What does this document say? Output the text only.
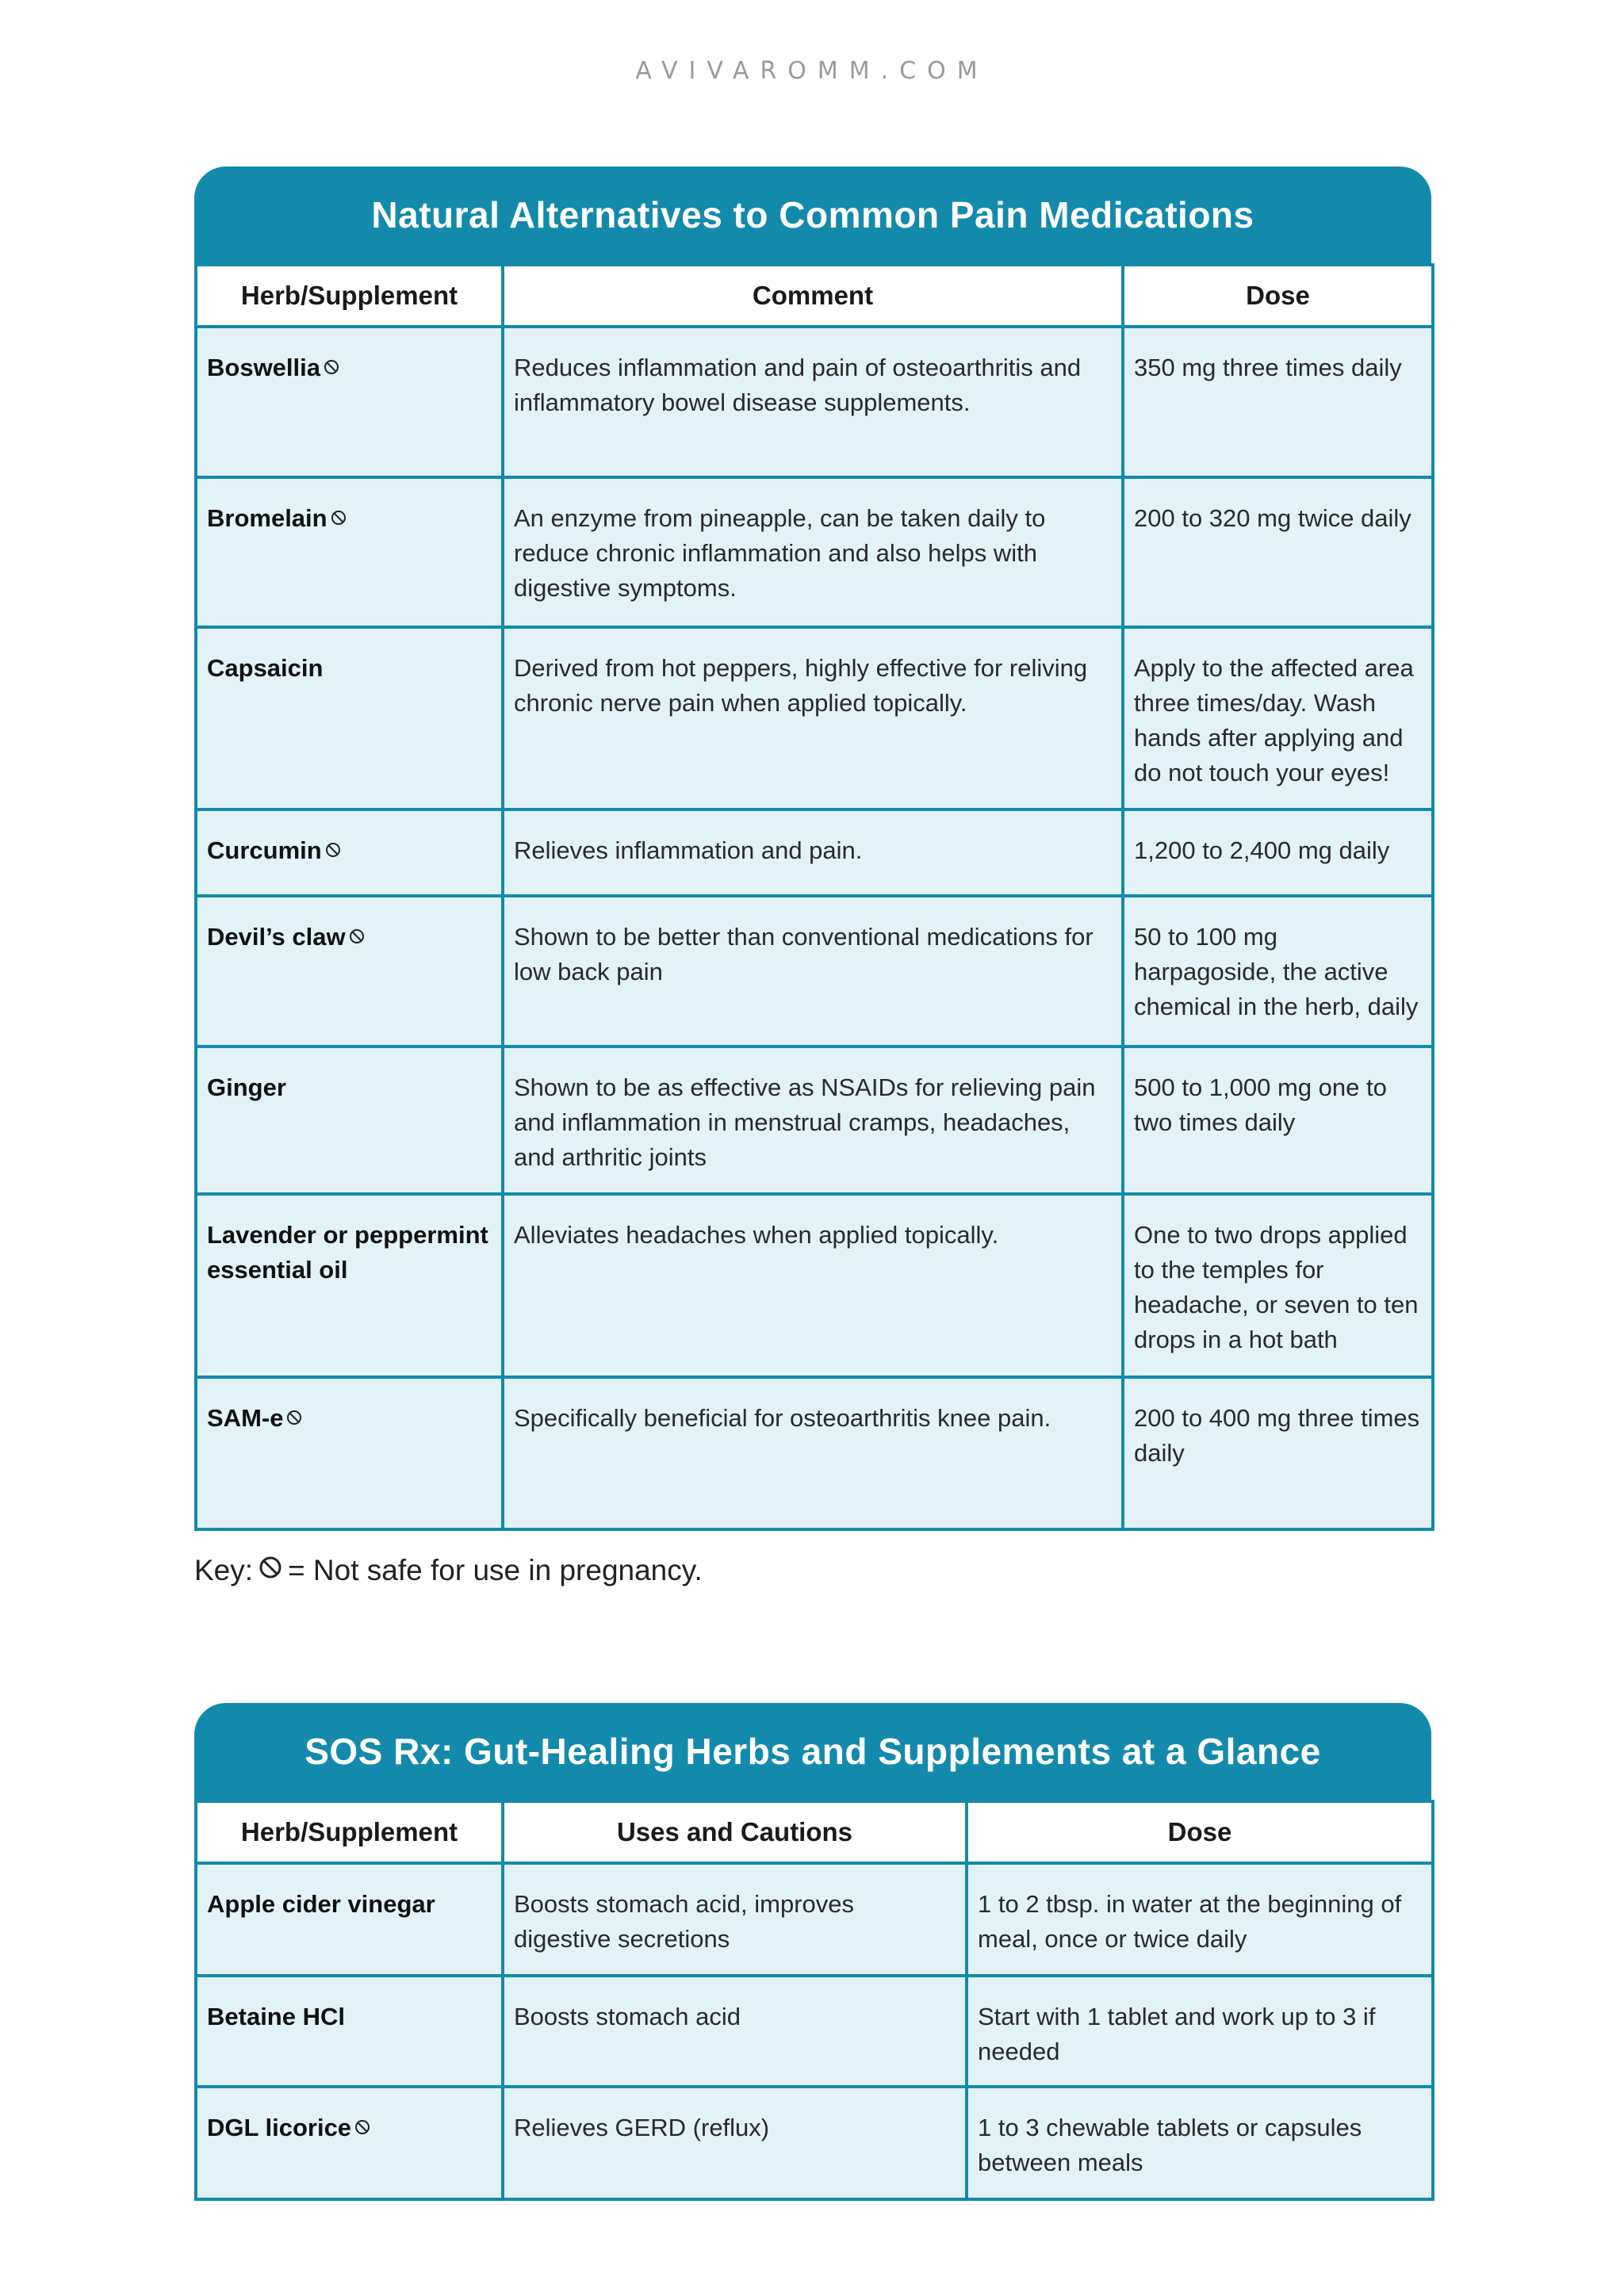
AVIVAROMM.COM
Natural Alternatives to Common Pain Medications
Herb/Supplement	Comment	Dose
Boswellia	Reduces inflammation and pain of osteoarthritis and inflammatory bowel disease supplements.	350 mg three times daily
Bromelain	An enzyme from pineapple, can be taken daily to reduce chronic inflammation and also helps with digestive symptoms.	200 to 320 mg twice daily
Capsaicin	Derived from hot peppers, highly effective for reliving chronic nerve pain when applied topically.	Apply to the affected area three times/day. Wash hands after applying and do not touch your eyes!
Curcumin	Relieves inflammation and pain.	1,200 to 2,400 mg daily
Devil’s claw	Shown to be better than conventional medications for low back pain	50 to 100 mg harpagoside, the active chemical in the herb, daily
Ginger	Shown to be as effective as NSAIDs for relieving pain and inflammation in menstrual cramps, headaches, and arthritic joints	500 to 1,000 mg one to two times daily
Lavender or peppermint essential oil	Alleviates headaches when applied topically.	One to two drops applied to the temples for headache, or seven to ten drops in a hot bath
SAM-e	Specifically beneficial for osteoarthritis knee pain.	200 to 400 mg three times daily
Key: = Not safe for use in pregnancy.
SOS Rx: Gut-Healing Herbs and Supplements at a Glance
Herb/Supplement	Uses and Cautions	Dose
Apple cider vinegar	Boosts stomach acid, improves digestive secretions	1 to 2 tbsp. in water at the beginning of meal, once or twice daily
Betaine HCl	Boosts stomach acid	Start with 1 tablet and work up to 3 if needed
DGL licorice	Relieves GERD (reflux)	1 to 3 chewable tablets or capsules between meals
